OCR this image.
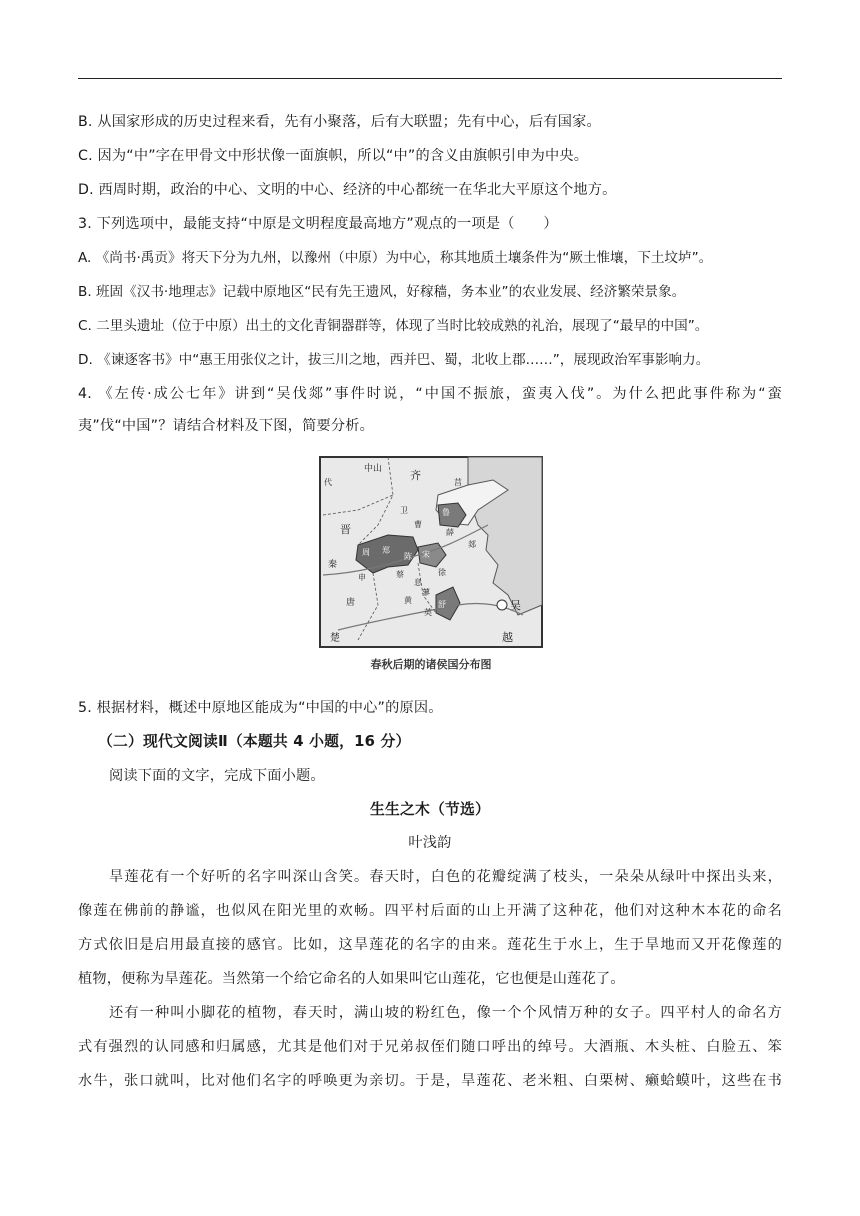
B. 从国家形成的历史过程来看，先有小聚落，后有大联盟；先有中心，后有国家。
C. 因为“中”字在甲骨文中形状像一面旗帜，所以“中”的含义由旗帜引申为中央。
D. 西周时期，政治的中心、文明的中心、经济的中心都统一在华北大平原这个地方。
3. 下列选项中，最能支持“中原是文明程度最高地方”观点的一项是（　　）
A. 《尚书·禹贡》将天下分为九州，以豫州（中原）为中心，称其地质土壤条件为“厥土惟壤，下土坟垆”。
B. 班固《汉书·地理志》记载中原地区“民有先王遗风，好稼穑，务本业”的农业发展、经济繁荣景象。
C. 二里头遗址（位于中原）出土的文化青铜器群等，体现了当时比较成熟的礼治，展现了“最早的中国”。
D. 《谏逐客书》中“惠王用张仪之计，拔三川之地，西并巴、蜀，北收上郡……”，展现政治军事影响力。
4. 《左传·成公七年》讲到“吴伐郯”事件时说，“中国不振旅，蛮夷入伐”。为什么把此事件称为“蛮
夷”伐“中国”？请结合材料及下图，简要分析。
中山
代
晋
齐
莒
鲁
薛
郯
宋
曹
卫
周 郑
陈
蔡
申
徐
息
蓼
舒
黄
英
唐
秦
楚
吴
越
春秋后期的诸侯国分布图
5. 根据材料，概述中原地区能成为“中国的中心”的原因。
（二）现代文阅读Ⅱ（本题共 4 小题，16 分）
阅读下面的文字，完成下面小题。
生生之木（节选）
叶浅韵
旱莲花有一个好听的名字叫深山含笑。春天时，白色的花瓣绽满了枝头，一朵朵从绿叶中探出头来，
像莲在佛前的静谧，也似风在阳光里的欢畅。四平村后面的山上开满了这种花，他们对这种木本花的命名
方式依旧是启用最直接的感官。比如，这旱莲花的名字的由来。莲花生于水上，生于旱地而又开花像莲的
植物，便称为旱莲花。当然第一个给它命名的人如果叫它山莲花，它也便是山莲花了。
还有一种叫小脚花的植物，春天时，满山坡的粉红色，像一个个风情万种的女子。四平村人的命名方
式有强烈的认同感和归属感，尤其是他们对于兄弟叔侄们随口呼出的绰号。大酒瓶、木头桩、白脸五、笨
水牛，张口就叫，比对他们名字的呼唤更为亲切。于是，旱莲花、老米粗、白栗树、癞蛤蟆叶，这些在书
